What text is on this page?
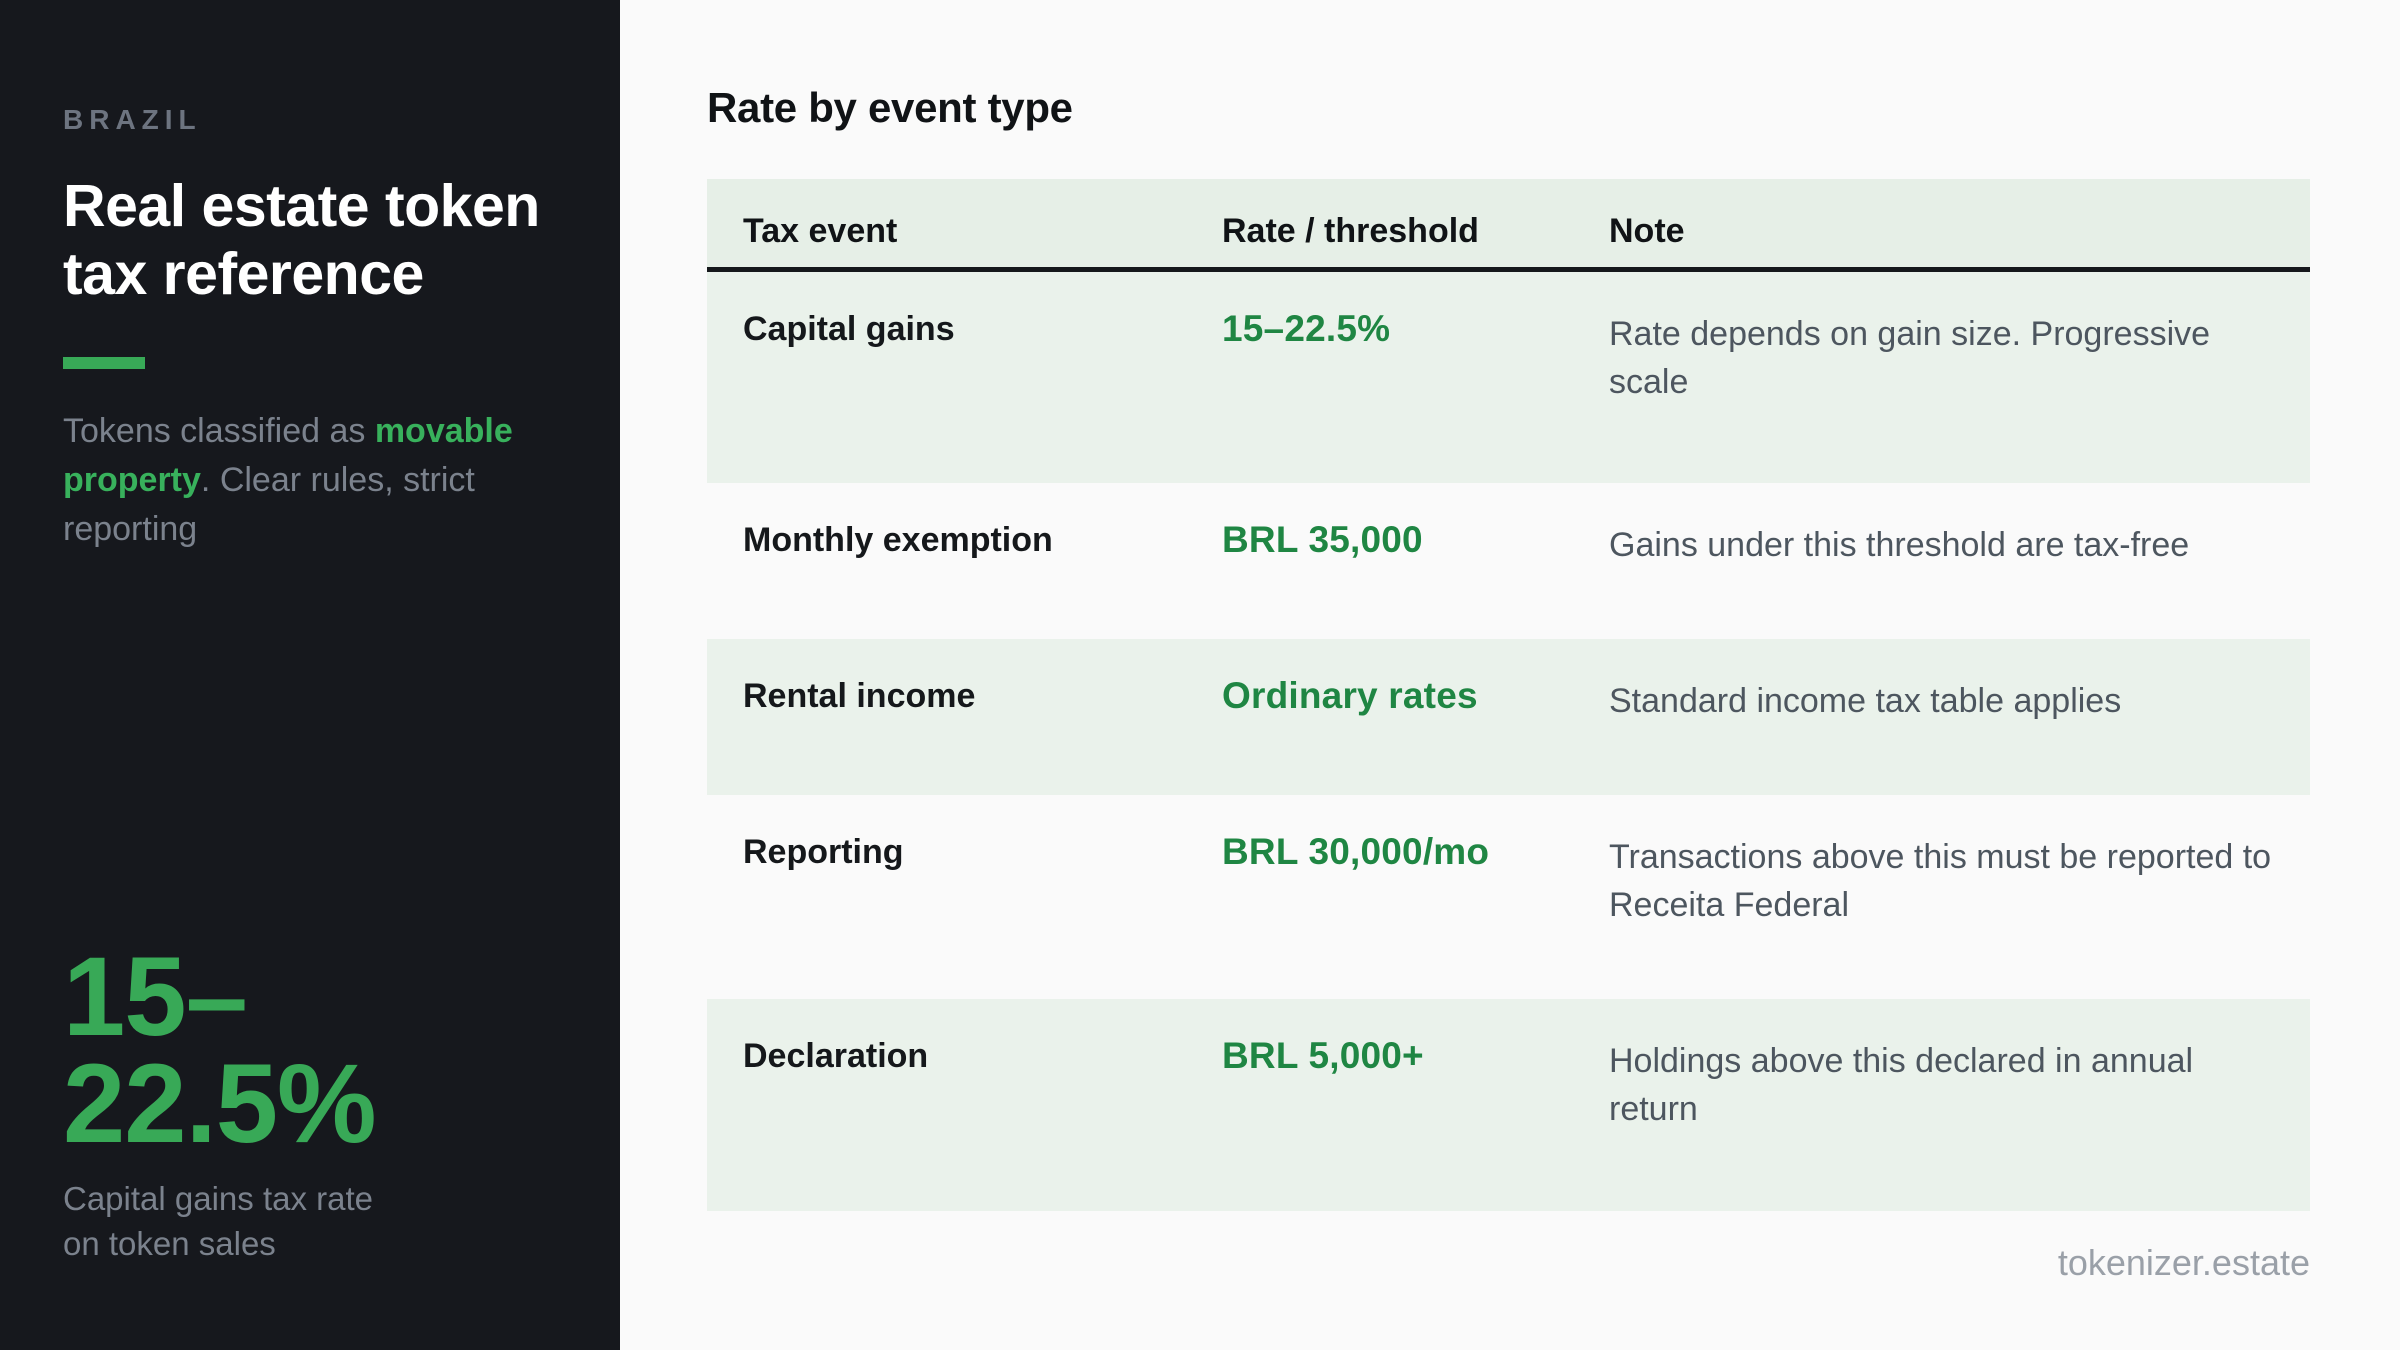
BRAZIL
Real estate token tax reference

Tokens classified as movable property. Clear rules, strict reporting

15–
22.5%
Capital gains tax rate on token sales
Rate by event type
Tax event	Rate / threshold	Note
Capital gains	15–22.5%	Rate depends on gain size. Progressive scale
Monthly exemption	BRL 35,000	Gains under this threshold are tax-free
Rental income	Ordinary rates	Standard income tax table applies
Reporting	BRL 30,000/mo	Transactions above this must be reported to Receita Federal
Declaration	BRL 5,000+	Holdings above this declared in annual return
tokenizer.estate
